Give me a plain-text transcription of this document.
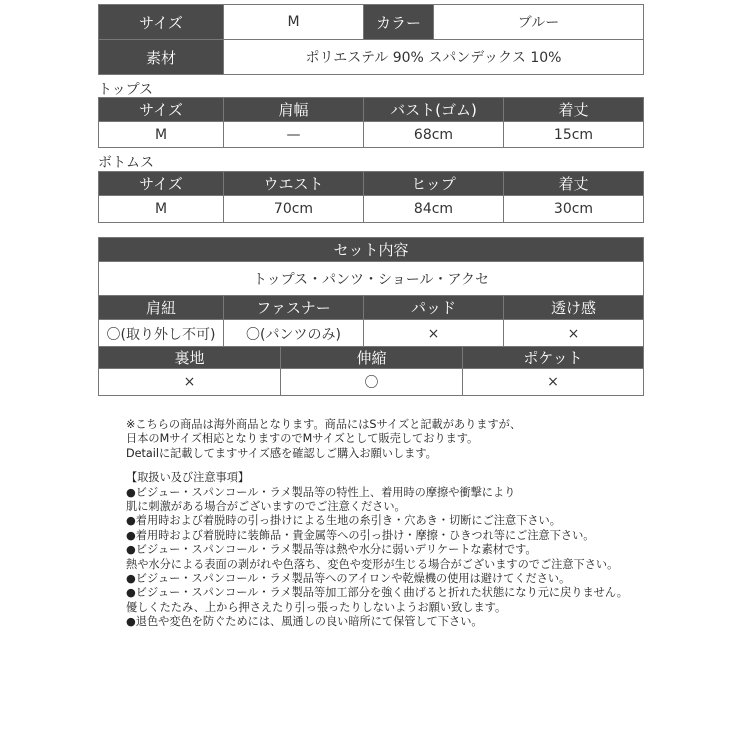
サイズ	M	カラー	ブルー
素材	ポリエステル 90% スパンデックス 10%		
トップス
サイズ	肩幅	バスト(ゴム)	着丈
M	—	68cm	15cm
ボトムス
サイズ	ウエスト	ヒップ	着丈
M	70cm	84cm	30cm
セット内容			
トップス・パンツ・ショール・アクセ			
肩紐	ファスナー	パッド	透け感
〇(取り外し不可)	〇(パンツのみ)	×	×
裏地	伸縮	ポケット
×	〇	×
※こちらの商品は海外商品となります。商品にはSサイズと記載がありますが、
日本のMサイズ相応となりますのでMサイズとして販売しております。
Detailに記載してますサイズ感を確認しご購入お願いします。
【取扱い及び注意事項】
●ビジュー・スパンコール・ラメ製品等の特性上、着用時の摩擦や衝撃により
肌に刺激がある場合がございますのでご注意ください。
●着用時および着脱時の引っ掛けによる生地の糸引き・穴あき・切断にご注意下さい。
●着用時および着脱時に装飾品・貴金属等への引っ掛け・摩擦・ひきつれ等にご注意下さい。
●ビジュー・スパンコール・ラメ製品等は熱や水分に弱いデリケートな素材です。
熱や水分による表面の剥がれや色落ち、変色や変形が生じる場合がございますのでご注意下さい。
●ビジュー・スパンコール・ラメ製品等へのアイロンや乾燥機の使用は避けてください。
●ビジュー・スパンコール・ラメ製品等加工部分を強く曲げると折れた状態になり元に戻りません。
優しくたたみ、上から押さえたり引っ張ったりしないようお願い致します。
●退色や変色を防ぐためには、風通しの良い暗所にて保管して下さい。
